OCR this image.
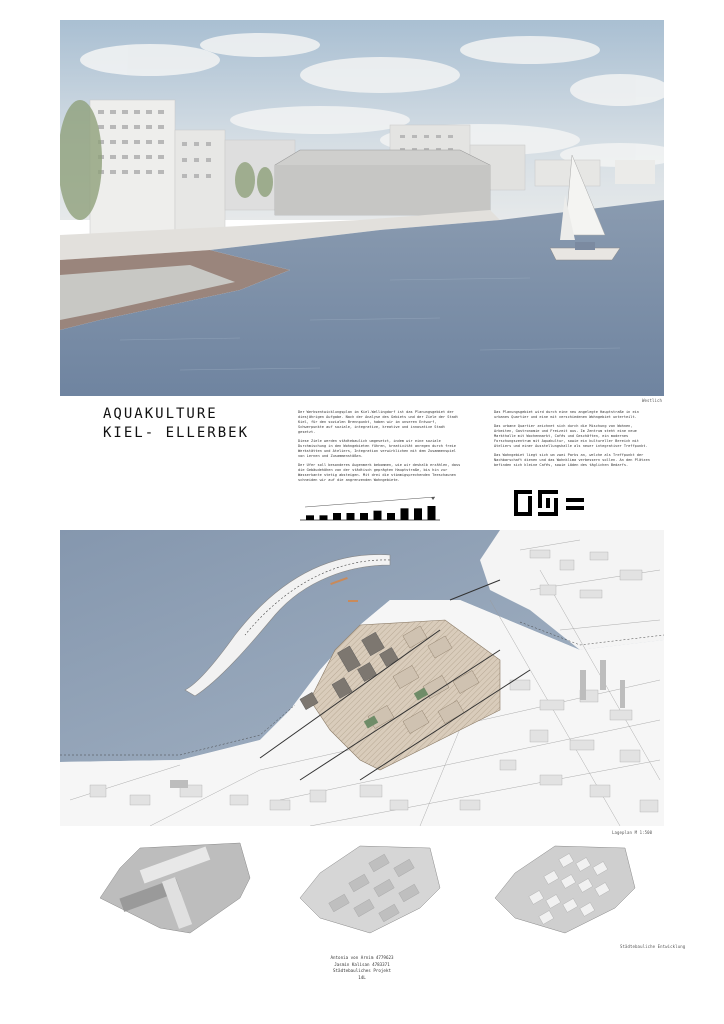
Westlich
AQUAKULTURE
KIEL- ELLERBEK

Der Werksentwicklungsplan im Kiel-Wellingdorf ist das Planungsgebiet der diesjährigen Aufgabe. Nach der Analyse des Gebiets und der Ziele der Stadt Kiel, für den sozialen Brennpunkt, haben wir im unseren Entwurf, Schwerpunkte auf soziale, integrative, kreative und innovative Stadt gesetzt.

Diese Ziele werden städtebaulich umgesetzt, indem wir eine soziale Durchmischung in den Wohngebieten führen, kreativität anregen durch freie Werkstätten und Ateliers, Integration verwirklichen mit dem Zusammenspiel von Lernen und Zusammenstößen.

Der Ufer soll besonderes Augenmerk bekommen, wie wir deshalb erzählen, dass die Gebäudehöhen von der städtisch geprägten Hauptstraße, bis hin zur Wasserkante stetig absteigen. Mit drei die stimmigsprechenden Teeschaunen schneiden wir auf die angrenzenden Wohngebiete.

Das Planungsgebiet wird durch eine neu angelegte Hauptstraße in ein urbanes Quartier und eine mit verschiedenen Wohngebiet unterteilt.

Das urbane Quartier zeichnet sich durch die Mischung von Wohnen, Arbeiten, Gastronomie und Freizeit aus. Im Zentrum steht eine neue Markthalle mit Wochenmarkt, Cafés und Geschäften, ein modernes Forschungszentrum mit Aquakultur, sowie ein kultureller Bereich mit Ateliers und einer Ausstellungshalle als neuer integrativer Treffpunkt.

Das Wohngebiet liegt sich um zwei Parks an, welche als Treffpunkt der Nachbarschaft dienen und das Wohnklima verbessern sollen. An den Plätzen befinden sich kleine Cafés, sowie Läden des täglichen Bedarfs.

Lageplan M 1:500
Städtebauliche Entwicklung
Antonia von Arnim 4779623
Jasmin Kalisan 4783371
Städtebauliches Projekt
14L
